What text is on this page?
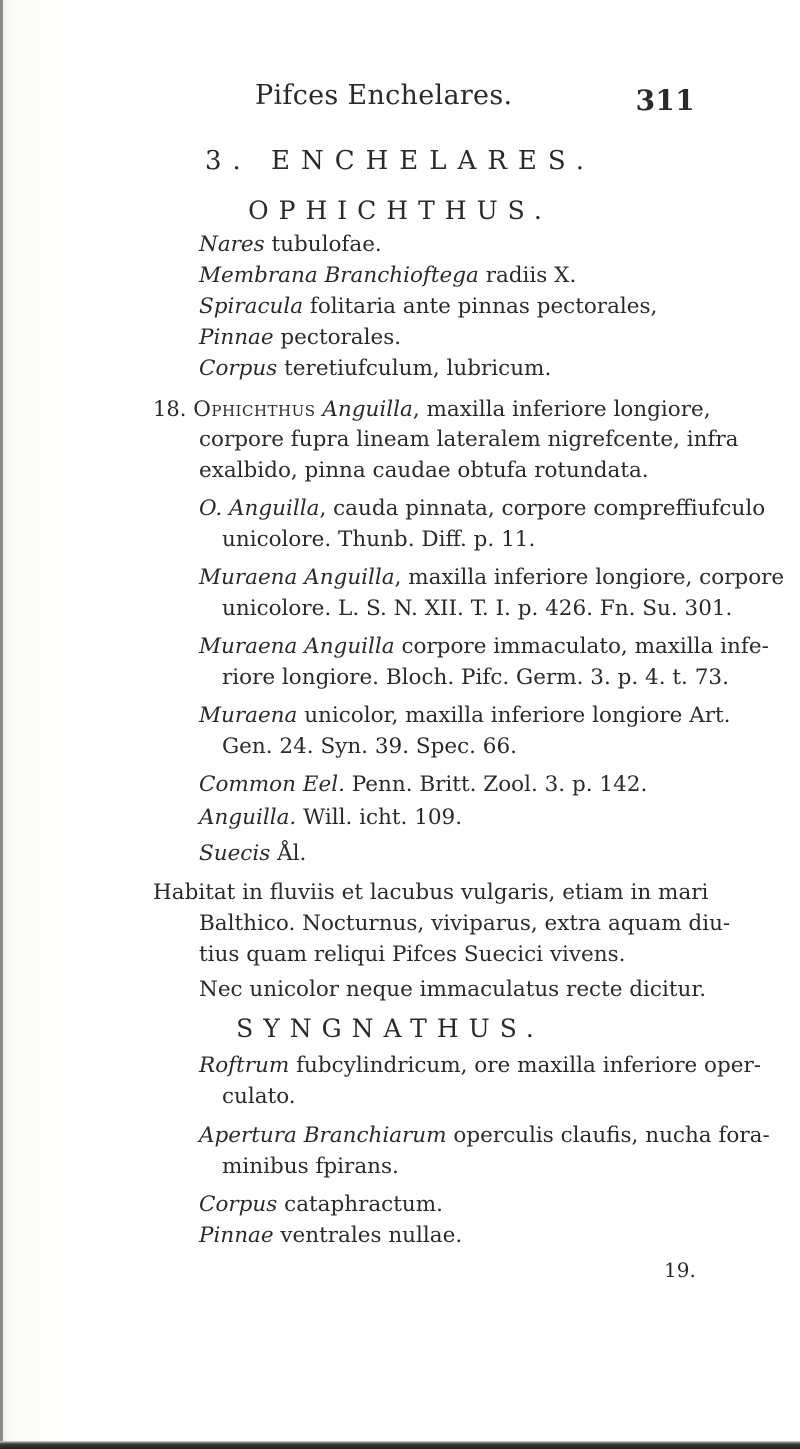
Pifces Enchelares.	311
3. ENCHELARES.
OPHICHTHUS.
Nares tubulofae.
Membrana Branchioftega radiis X.
Spiracula folitaria ante pinnas pectorales,
Pinnae pectorales.
Corpus teretiufculum, lubricum.
18. Ophichthus Anguilla, maxilla inferiore longiore,
corpore fupra lineam lateralem nigrefcente, infra
exalbido, pinna caudae obtufa rotundata.
O. Anguilla, cauda pinnata, corpore compreffiufculo
unicolore. Thunb. Diff. p. 11.
Muraena Anguilla, maxilla inferiore longiore, corpore
unicolore. L. S. N. XII. T. I. p. 426. Fn. Su. 301.
Muraena Anguilla corpore immaculato, maxilla infe-
riore longiore. Bloch. Pifc. Germ. 3. p. 4. t. 73.
Muraena unicolor, maxilla inferiore longiore Art.
Gen. 24. Syn. 39. Spec. 66.
Common Eel. Penn. Britt. Zool. 3. p. 142.
Anguilla. Will. icht. 109.
Suecis Ål.
Habitat in fluviis et lacubus vulgaris, etiam in mari
Balthico. Nocturnus, viviparus, extra aquam diu-
tius quam reliqui Pifces Suecici vivens.
Nec unicolor neque immaculatus recte dicitur.
SYNGNATHUS.
Roftrum fubcylindricum, ore maxilla inferiore oper-
culato.
Apertura Branchiarum operculis claufis, nucha fora-
minibus fpirans.
Corpus cataphractum.
Pinnae ventrales nullae.
19.
